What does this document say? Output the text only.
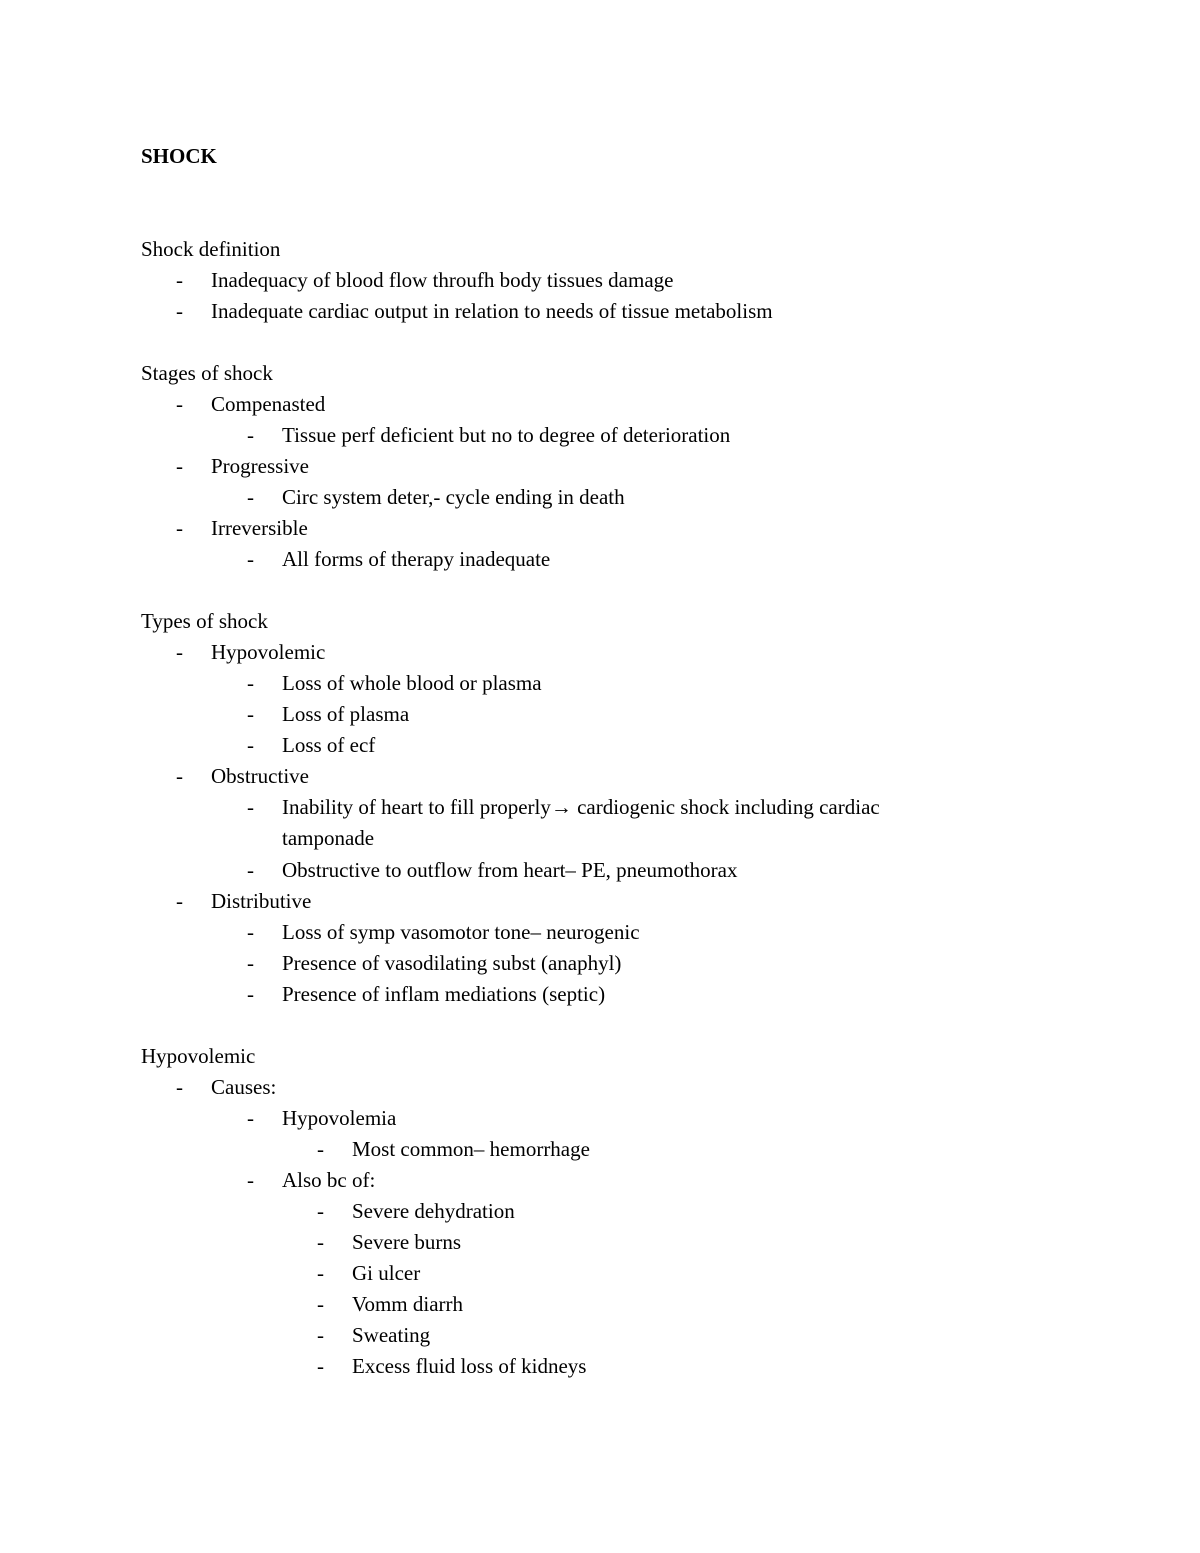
SHOCK
Shock definition
- Inadequacy of blood flow throufh body tissues damage
- Inadequate cardiac output in relation to needs of tissue metabolism
Stages of shock
- Compenasted
- Tissue perf deficient but no to degree of deterioration
- Progressive
- Circ system deter,- cycle ending in death
- Irreversible
- All forms of therapy inadequate
Types of shock
- Hypovolemic
- Loss of whole blood or plasma
- Loss of plasma
- Loss of ecf
- Obstructive
- Inability of heart to fill properly→ cardiogenic shock including cardiac
tamponade
- Obstructive to outflow from heart– PE, pneumothorax
- Distributive
- Loss of symp vasomotor tone– neurogenic
- Presence of vasodilating subst (anaphyl)
- Presence of inflam mediations (septic)
Hypovolemic
- Causes:
- Hypovolemia
- Most common– hemorrhage
- Also bc of:
- Severe dehydration
- Severe burns
- Gi ulcer
- Vomm diarrh
- Sweating
- Excess fluid loss of kidneys
